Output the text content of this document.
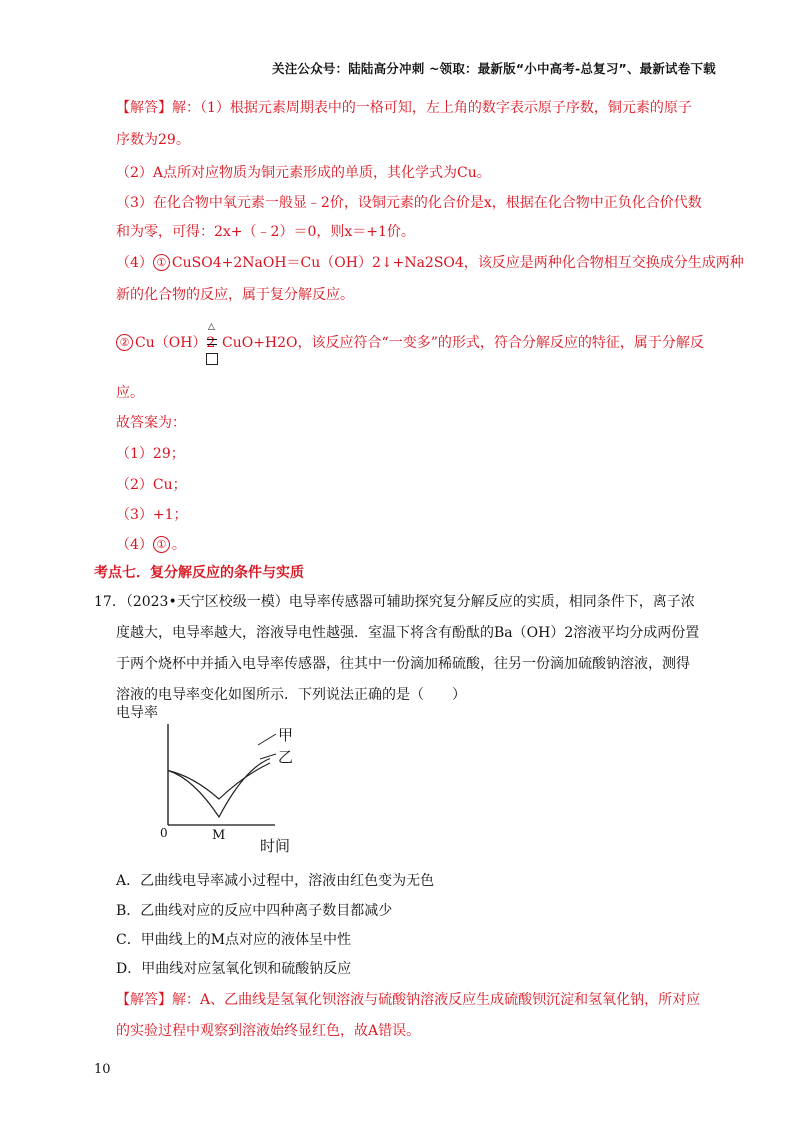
关注公众号：陆陆高分冲刺 ~领取：最新版“小中高考-总复习”、最新试卷下载
【解答】解：（1）根据元素周期表中的一格可知，左上角的数字表示原子序数，铜元素的原子
序数为29。
（2）A点所对应物质为铜元素形成的单质，其化学式为Cu。
（3）在化合物中氧元素一般显﹣2价，设铜元素的化合价是x，根据在化合物中正负化合价代数
和为零，可得：2x+（﹣2）＝0，则x＝+1价。
（4） ① CuSO4+2NaOH＝Cu（OH）2↓+Na2SO4，该反应是两种化合物相互交换成分生成两种
新的化合物的反应，属于复分解反应。
② Cu（OH）2
△
CuO+H2O，该反应符合“一变多”的形式，符合分解反应的特征，属于分解反
应。
故答案为：
（1）29；
（2）Cu；
（3）+1；
（4） ① 。
考点七．复分解反应的条件与实质
17．（2023•天宁区校级一模）电导率传感器可辅助探究复分解反应的实质，相同条件下，离子浓
度越大，电导率越大，溶液导电性越强．室温下将含有酚酞的Ba（OH）2溶液平均分成两份置
于两个烧杯中并插入电导率传感器，往其中一份滴加稀硫酸，往另一份滴加硫酸钠溶液，测得
溶液的电导率变化如图所示．下列说法正确的是（　　）
电导率
甲
乙
0	M
时间
A．乙曲线电导率减小过程中，溶液由红色变为无色
B．乙曲线对应的反应中四种离子数目都减少
C．甲曲线上的M点对应的液体呈中性
D．甲曲线对应氢氧化钡和硫酸钠反应
【解答】解：A、乙曲线是氢氧化钡溶液与硫酸钠溶液反应生成硫酸钡沉淀和氢氧化钠，所对应
的实验过程中观察到溶液始终显红色，故A错误。
10
